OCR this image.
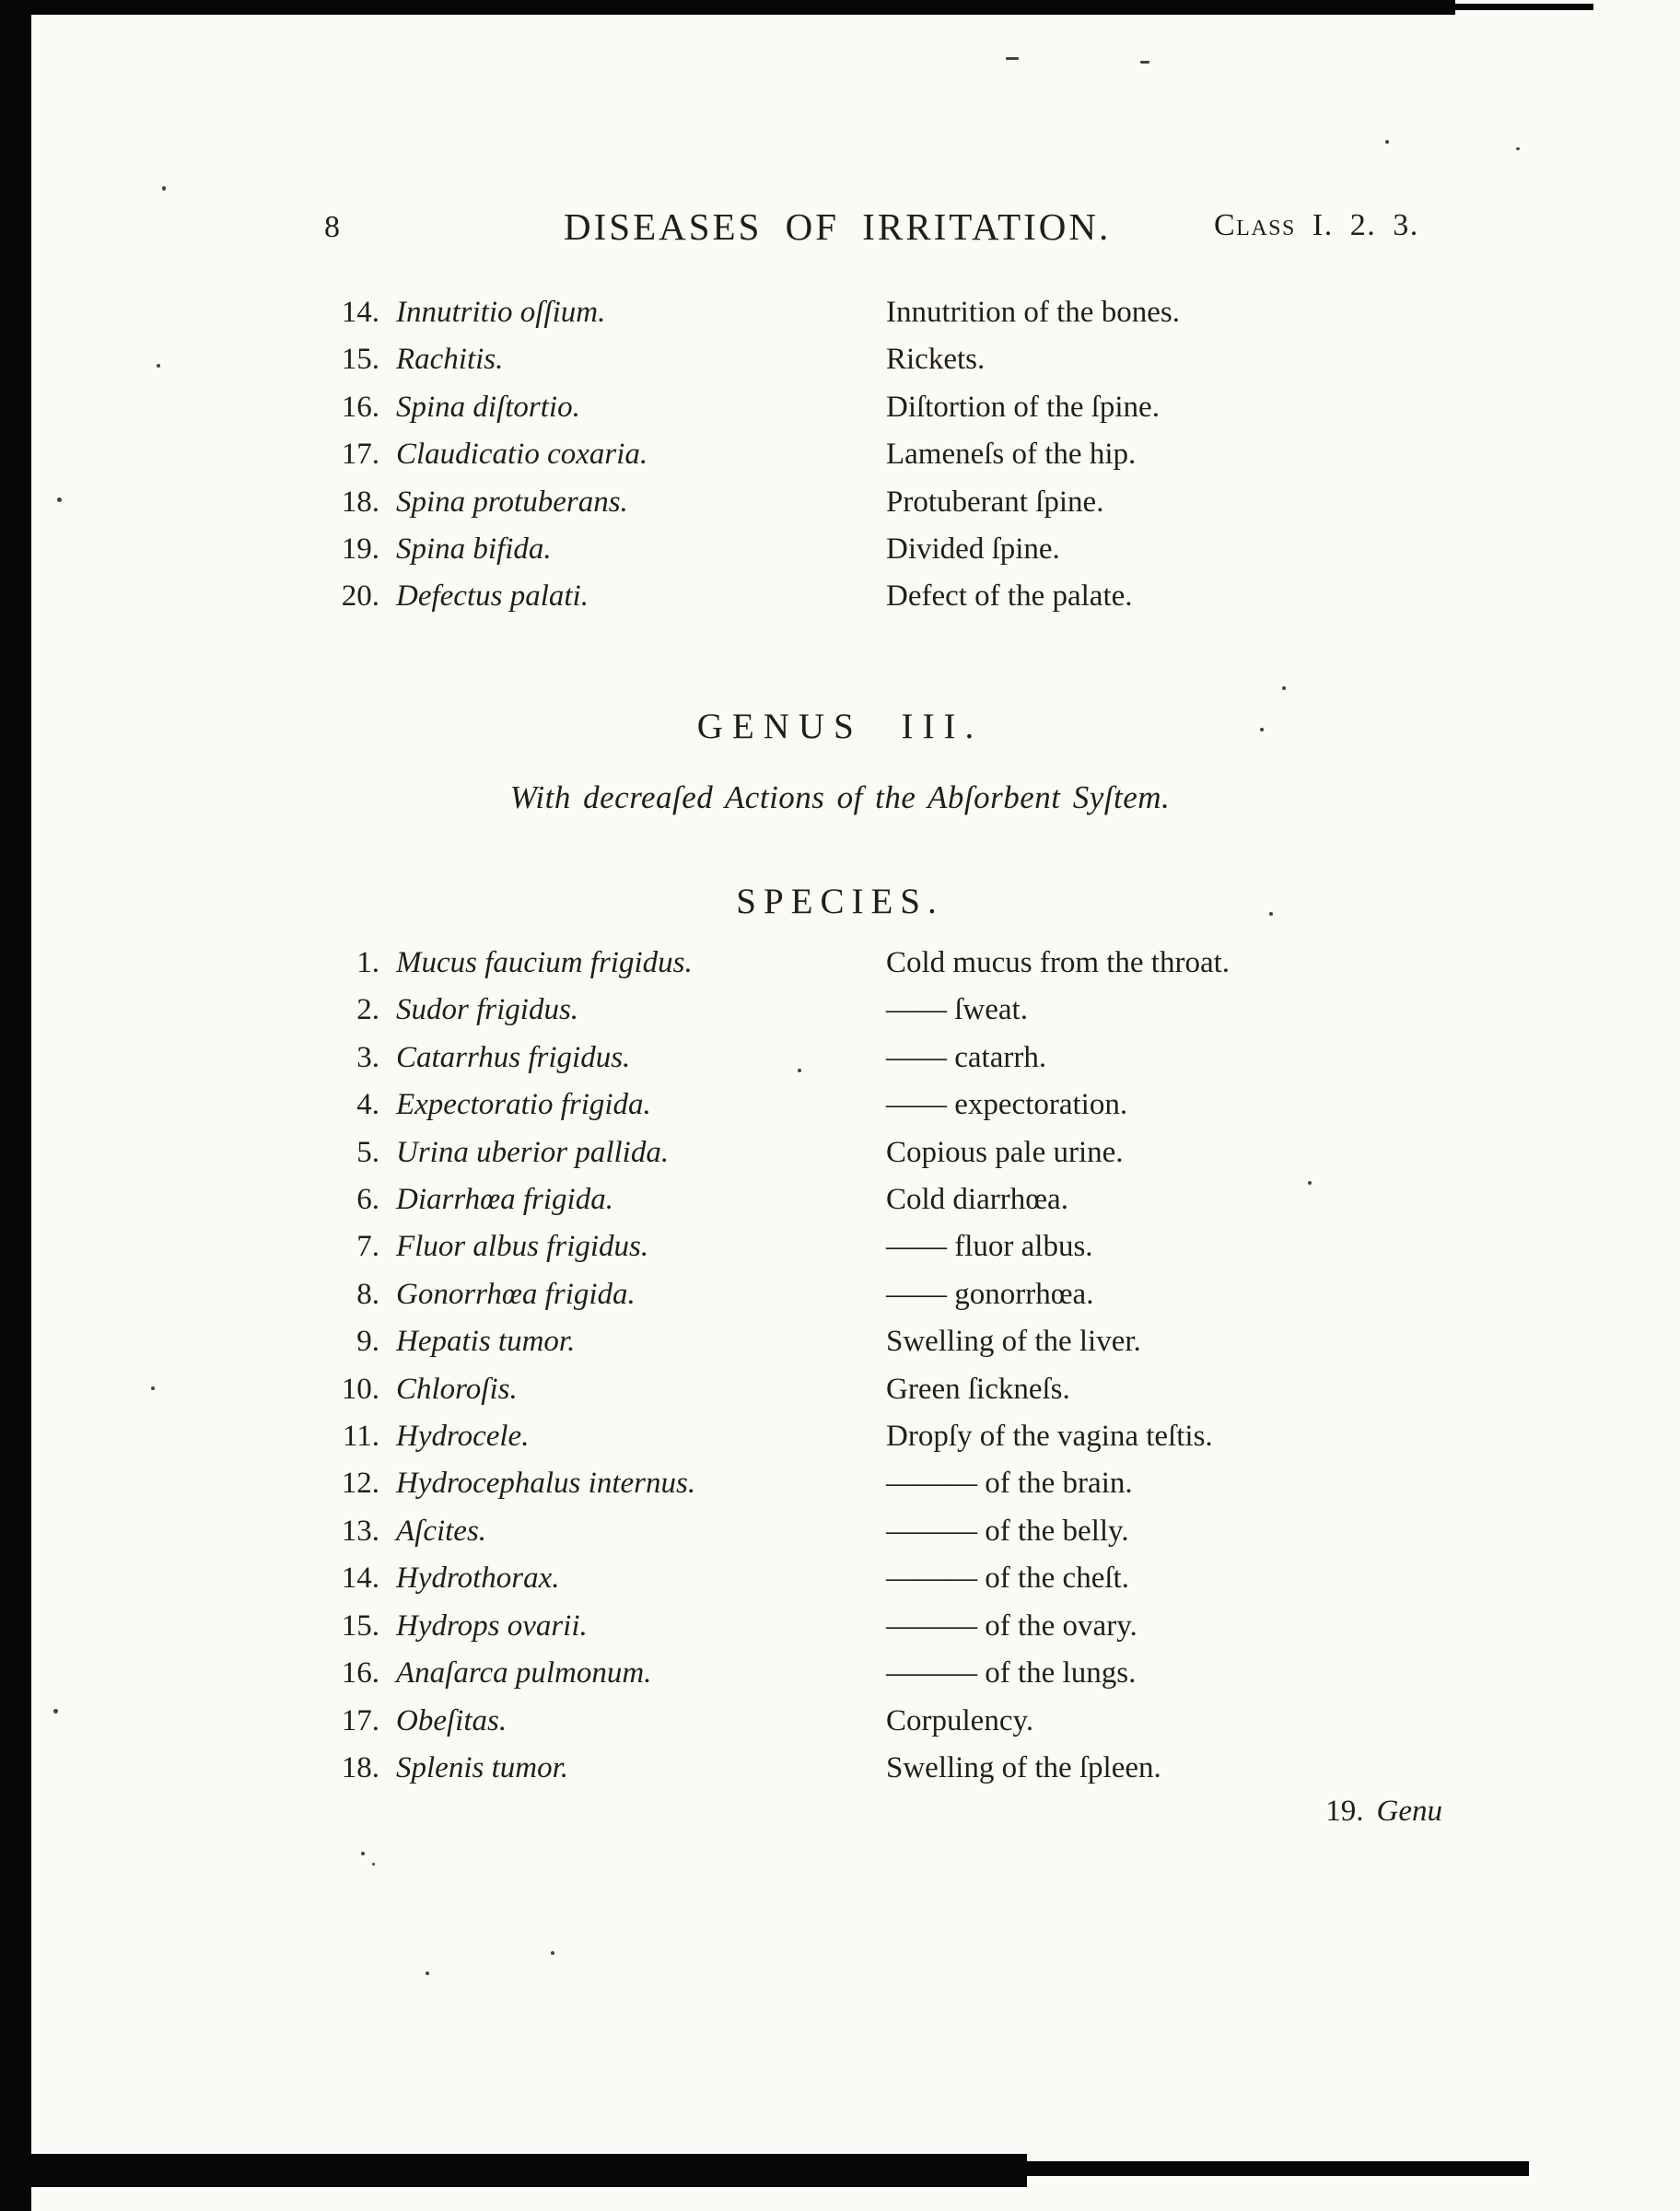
8	DISEASES OF IRRITATION.	Class I. 2. 3.
14. Innutritio oſſium.	Innutrition of the bones.
15. Rachitis.	Rickets.
16. Spina diſtortio.	Diſtortion of the ſpine.
17. Claudicatio coxaria.	Lameneſs of the hip.
18. Spina protuberans.	Protuberant ſpine.
19. Spina bifida.	Divided ſpine.
20. Defectus palati.	Defect of the palate.
GENUS III.
With decreaſed Actions of the Abſorbent Syſtem.
SPECIES.
1. Mucus faucium frigidus.	Cold mucus from the throat.
2. Sudor frigidus.	—— ſweat.
3. Catarrhus frigidus.	—— catarrh.
4. Expectoratio frigida.	—— expectoration.
5. Urina uberior pallida.	Copious pale urine.
6. Diarrhœa frigida.	Cold diarrhœa.
7. Fluor albus frigidus.	—— fluor albus.
8. Gonorrhœa frigida.	—— gonorrhœa.
9. Hepatis tumor.	Swelling of the liver.
10. Chloroſis.	Green ſickneſs.
11. Hydrocele.	Dropſy of the vagina teſtis.
12. Hydrocephalus internus.	——— of the brain.
13. Aſcites.	——— of the belly.
14. Hydrothorax.	——— of the cheſt.
15. Hydrops ovarii.	——— of the ovary.
16. Anaſarca pulmonum.	——— of the lungs.
17. Obeſitas.	Corpulency.
18. Splenis tumor.	Swelling of the ſpleen.
19. Genu
